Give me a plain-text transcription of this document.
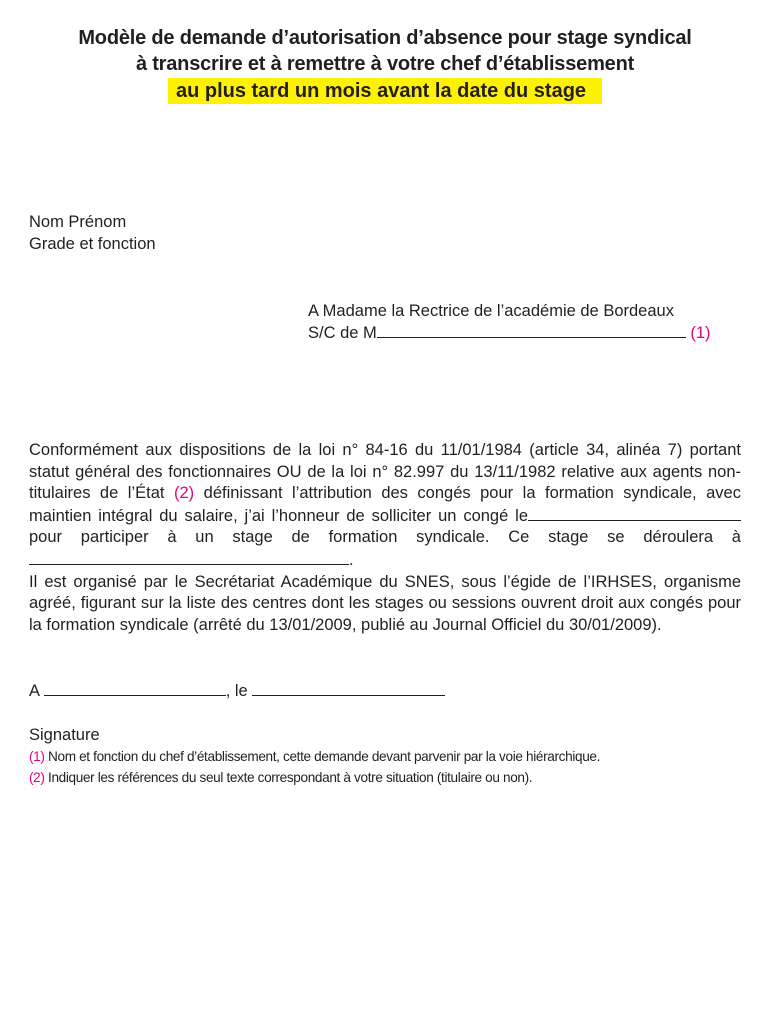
Modèle de demande d’autorisation d’absence pour stage syndical
à transcrire et à remettre à votre chef d’établissement
au plus tard un mois avant la date du stage
Nom Prénom
Grade et fonction
A Madame la Rectrice de l’académie de Bordeaux
S/C de M	(1)

Conformément aux dispositions de la loi n° 84-16 du 11/01/1984 (article 34, alinéa 7) portant statut général des fonctionnaires OU de la loi n° 82.997 du 13/11/1982 relative aux agents non-titulaires de l’État (2) définissant l’attribution des congés pour la formation syndicale, avec maintien intégral du salaire, j’ai l’honneur de solliciter un congé le pour participer à un stage de formation syndicale. Ce stage se déroulera à.

Il est organisé par le Secrétariat Académique du SNES, sous l’égide de l’IRHSES, organisme agréé, figurant sur la liste des centres dont les stages ou sessions ouvrent droit aux congés pour la formation syndicale (arrêté du 13/01/2009, publié au Journal Officiel du 30/01/2009).

A	, le
Signature
(1) Nom et fonction du chef d’établissement, cette demande devant parvenir par la voie hiérarchique.
(2) Indiquer les références du seul texte correspondant à votre situation (titulaire ou non).
